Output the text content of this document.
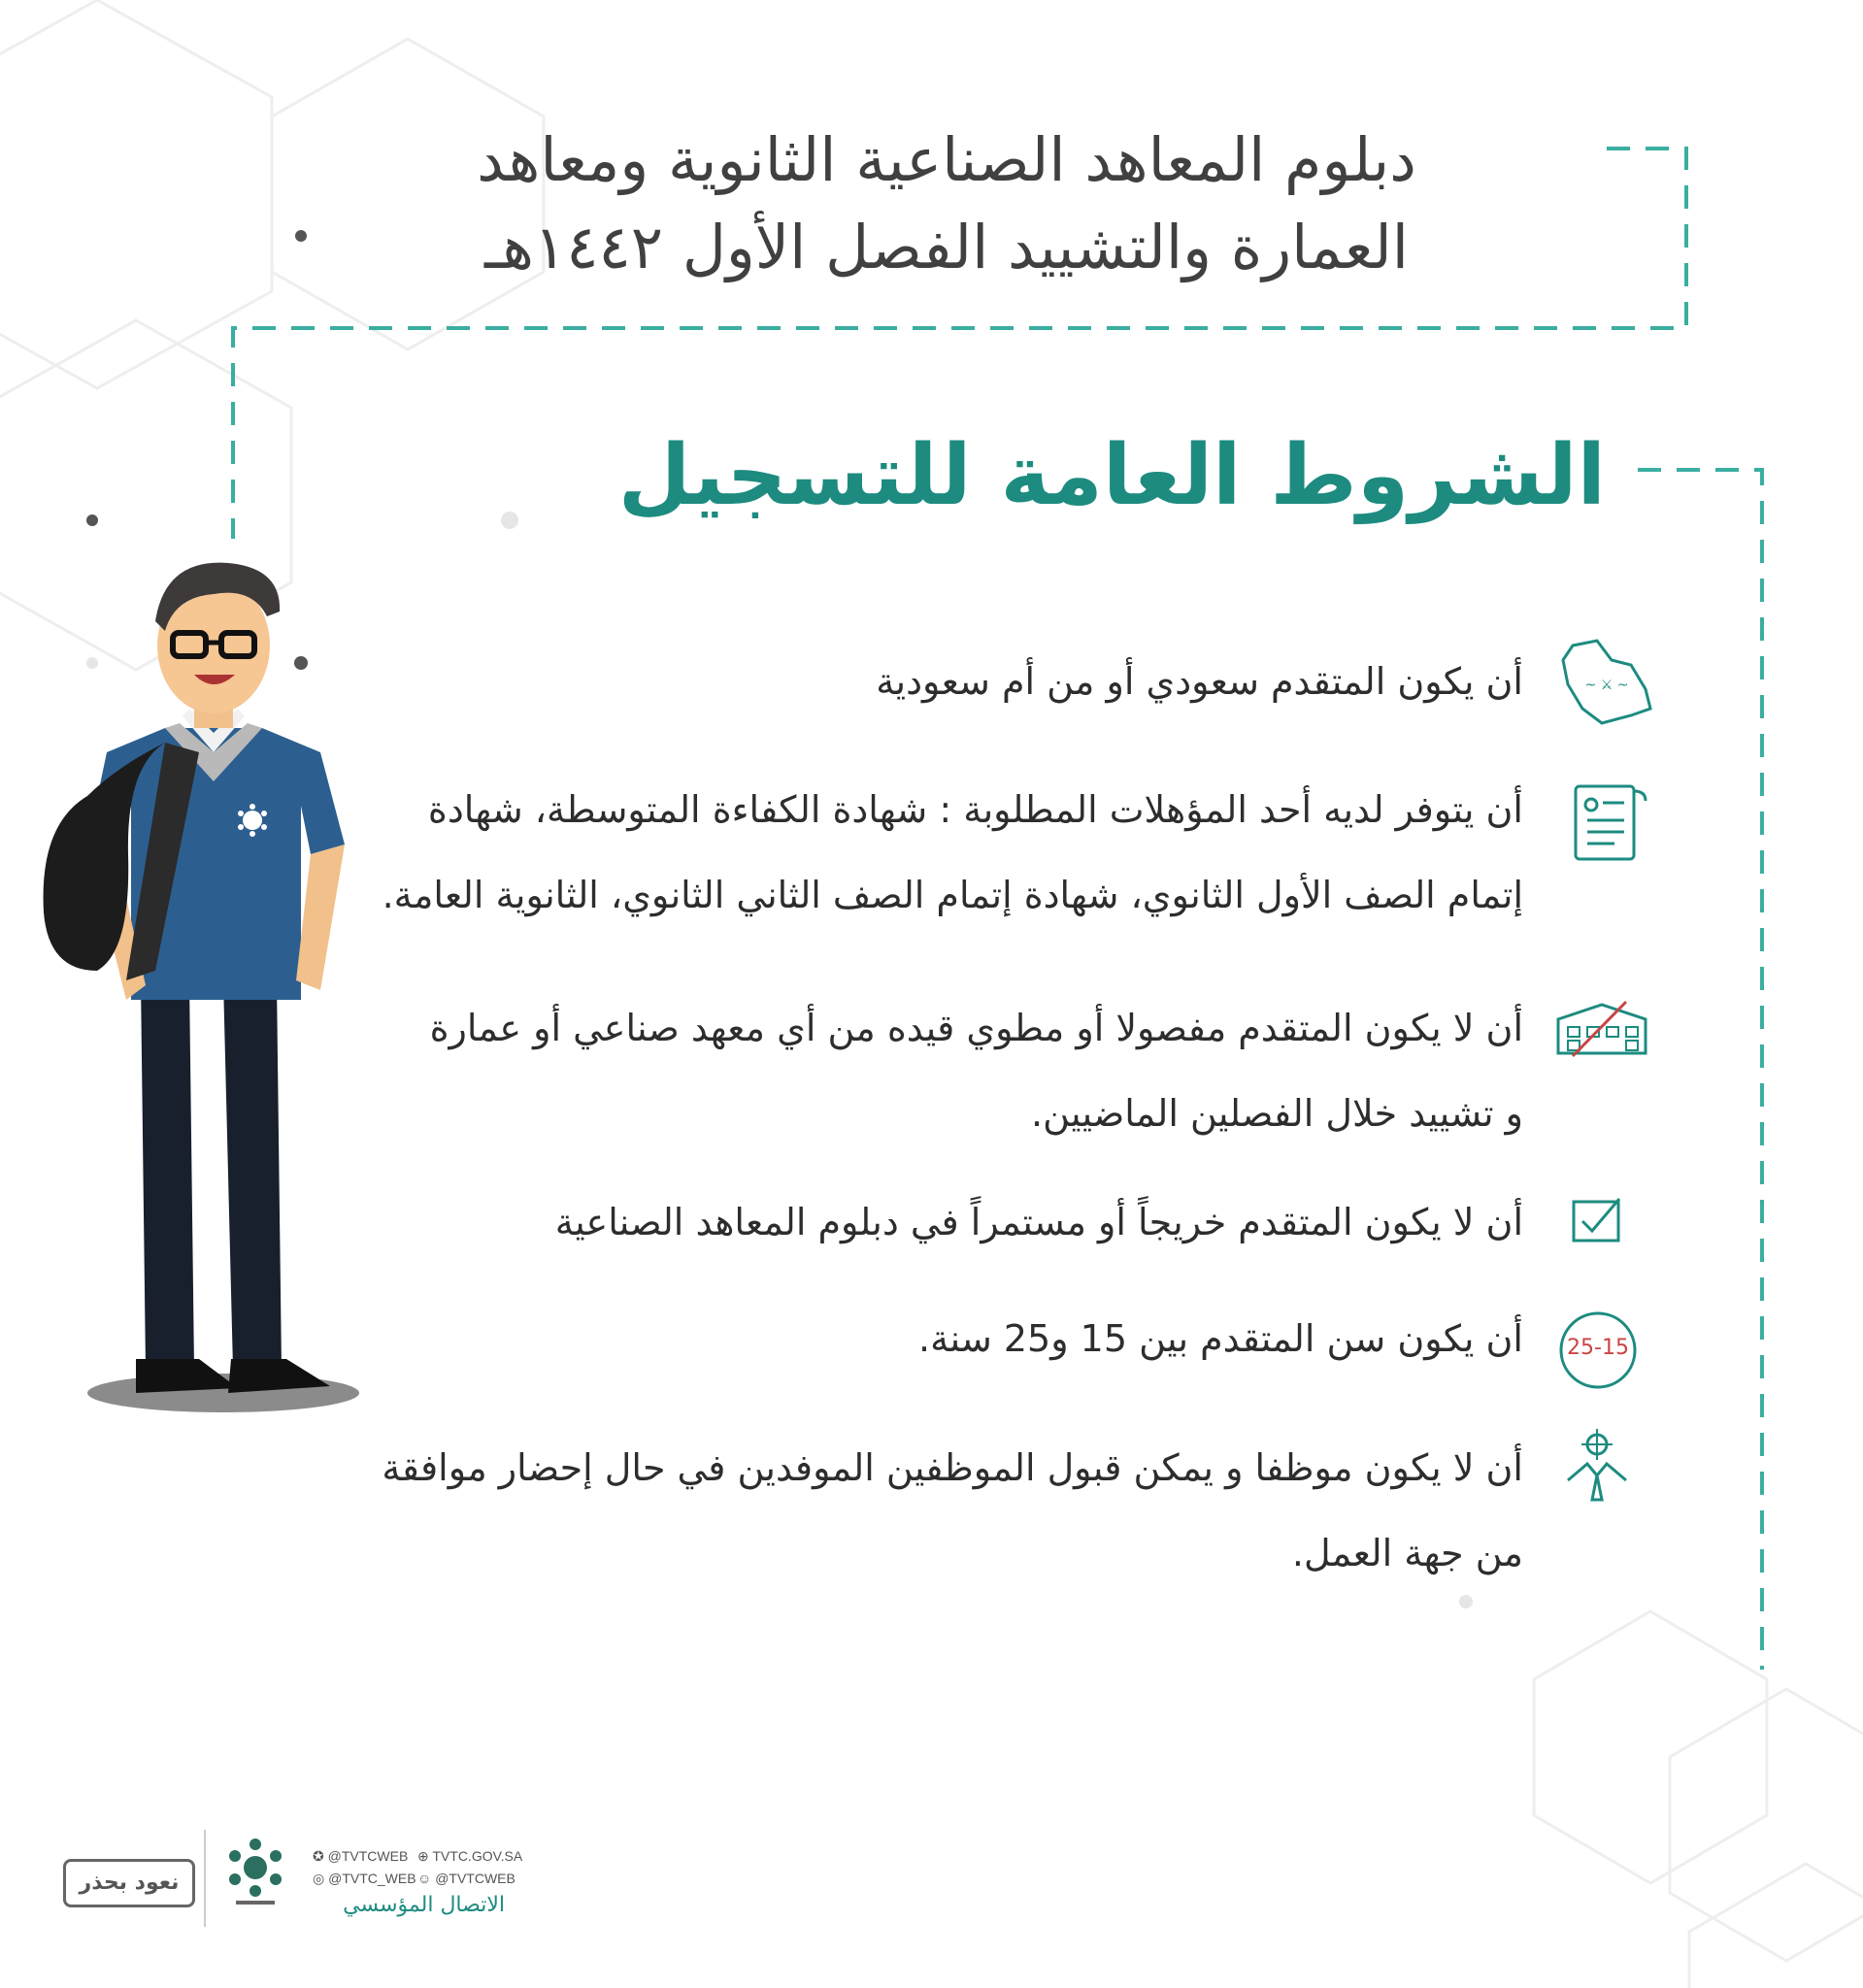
دبلوم المعاهد الصناعية الثانوية ومعاهد
العمارة والتشييد الفصل الأول ١٤٤٢هـ
الشروط العامة للتسجيل
~ ⚔ ~
25-15
أن يكون المتقدم سعودي أو من أم سعودية
أن يتوفر لديه أحد المؤهلات المطلوبة : شهادة الكفاءة المتوسطة، شهادة
إتمام الصف الأول الثانوي، شهادة إتمام الصف الثاني الثانوي، الثانوية العامة.
أن لا يكون المتقدم مفصولا أو مطوي قيده من أي معهد صناعي أو عمارة
و تشييد خلال الفصلين الماضيين.
أن لا يكون المتقدم خريجاً أو مستمراً في دبلوم المعاهد الصناعية
أن يكون سن المتقدم بين 15 و25 سنة.
أن لا يكون موظفا و يمكن قبول الموظفين الموفدين في حال إحضار موافقة
من جهة العمل.
نعود بحذر
✪ @TVTCWEB ⊕ TVTC.GOV.SA
◎ @TVTC_WEB ☺ @TVTCWEB
الاتصال المؤسسي
